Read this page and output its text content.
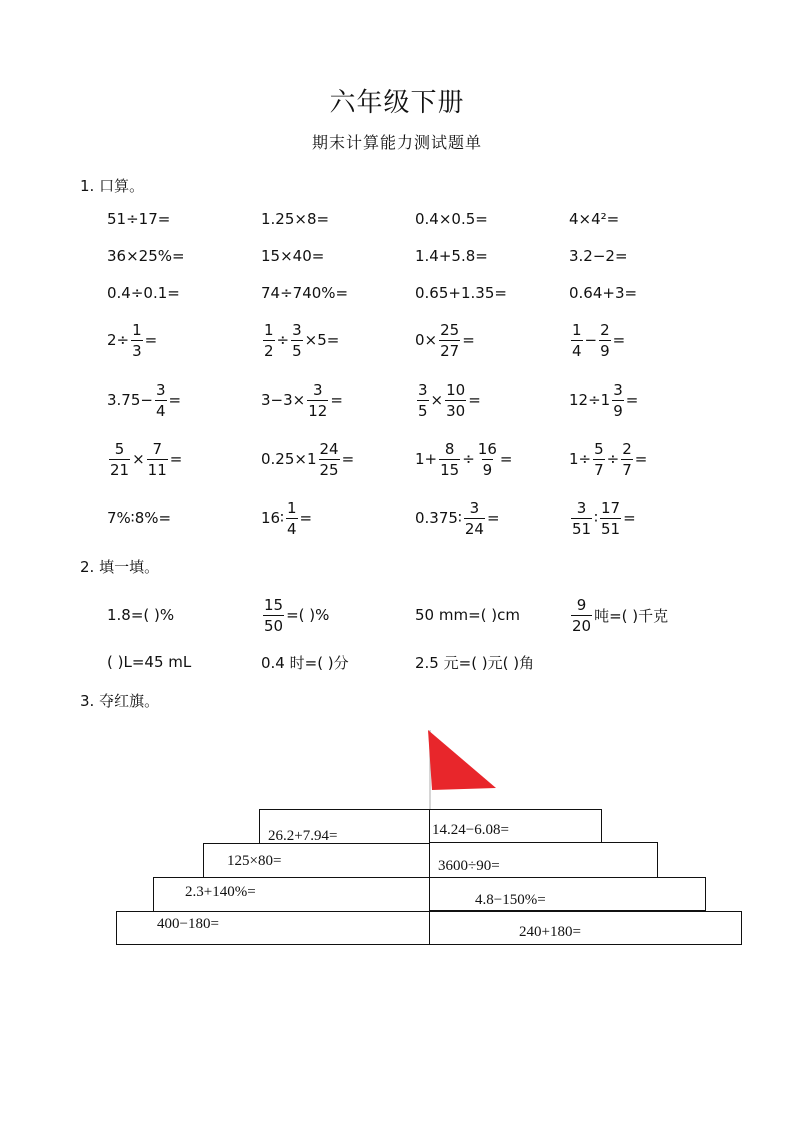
六年级下册
期末计算能力测试题单
1. 口算。
51÷17=	1.25×8=	0.4×0.5=	4×4²=
36×25%=	15×40=	1.4+5.8=	3.2−2=
0.4÷0.1=	74÷740%=	0.65+1.35=	0.64+3=
$2\div \frac{1}{3}$ =	$\frac{1}{2} \div \frac{3}{5} \times 5=$	$0\times \frac{25}{27}$ =	$\frac{1}{4} - \frac{2}{9}$ =
$3.75- \frac{3}{4}$ =	$3-3\times \frac{3}{12}$ =	$\frac{3}{5} \times \frac{10}{30}$ =	$12\div 1 \frac{3}{9}$ =
$\frac{5}{21} \times \frac{7}{11}$ =	$0.25\times 1 \frac{24}{25}$ =	$1+ \frac{8}{15} \div \frac{16}{9}$ =	$1\div \frac{5}{7} \div \frac{2}{7}$ =
7%∶8%=	16∶ $\frac{1}{4}$ =	0.375∶ $\frac{3}{24}$ =	$\frac{3}{51}$ ∶ $\frac{17}{51}$ =
2. 填一填。
1.8=( )%	$\frac{15}{50}$ =( )%	50 mm=( )cm	$\frac{9}{20}$ 吨=( )千克
( )L=45 mL	0.4 时=( )分	2.5 元=( )元( )角
3. 夺红旗。
26.2+7.94=	14.24−6.08=
125×80=	3600÷90=
2.3+140%=	4.8−150%=
400−180=	240+180=
